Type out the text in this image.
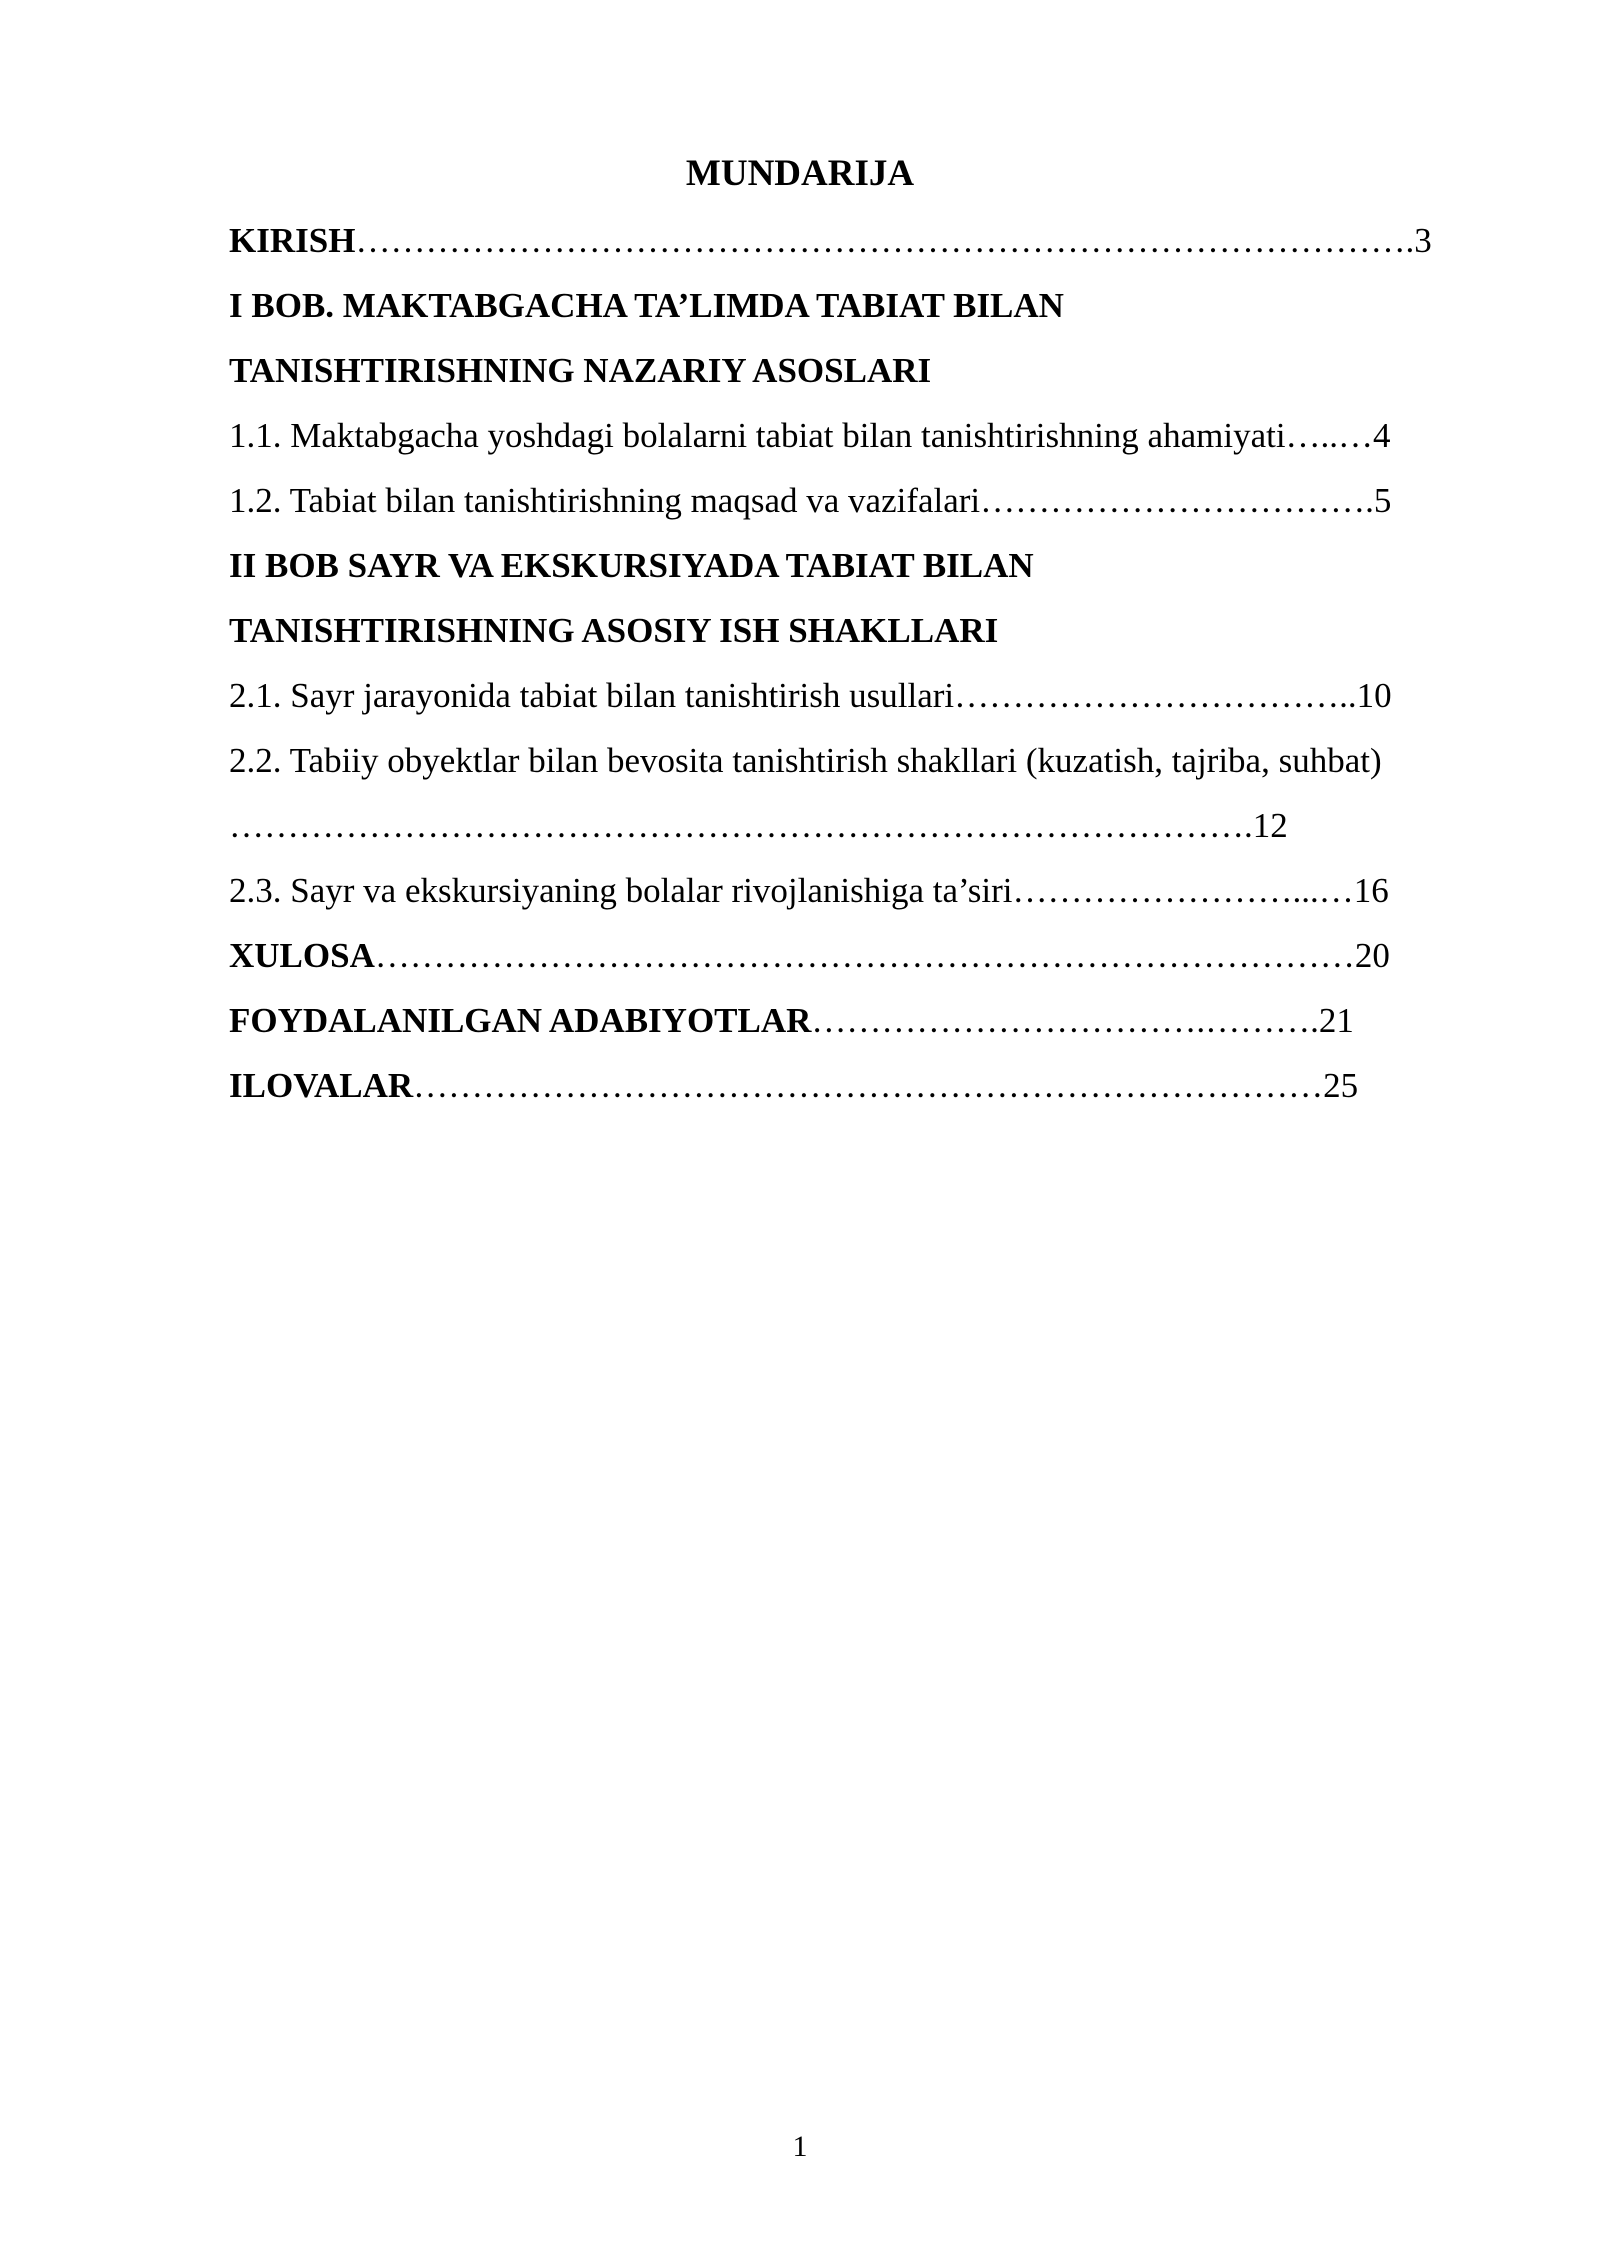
MUNDARIJA
KIRISH……………………………………………………………………………….3
I BOB. MAKTABGACHA TA’LIMDA TABIAT BILAN
TANISHTIRISHNING NAZARIY ASOSLARI
1.1. Maktabgacha yoshdagi bolalarni tabiat bilan tanishtirishning ahamiyati…..…4
1.2. Tabiat bilan tanishtirishning maqsad va vazifalari…………………………….5
II BOB SAYR VA EKSKURSIYADA TABIAT BILAN
TANISHTIRISHNING ASOSIY ISH SHAKLLARI
2.1. Sayr jarayonida tabiat bilan tanishtirish usullari……………………………..10
2.2. Tabiiy obyektlar bilan bevosita tanishtirish shakllari (kuzatish, tajriba, suhbat)
…………………………………………………………………………….12
2.3. Sayr va ekskursiyaning bolalar rivojlanishiga ta’siri……………………...…16
XULOSA…………………………………………………………………………20
FOYDALANILGAN ADABIYOTLAR…………………………….……….21
ILOVALAR……………………………………………………………………25
1
